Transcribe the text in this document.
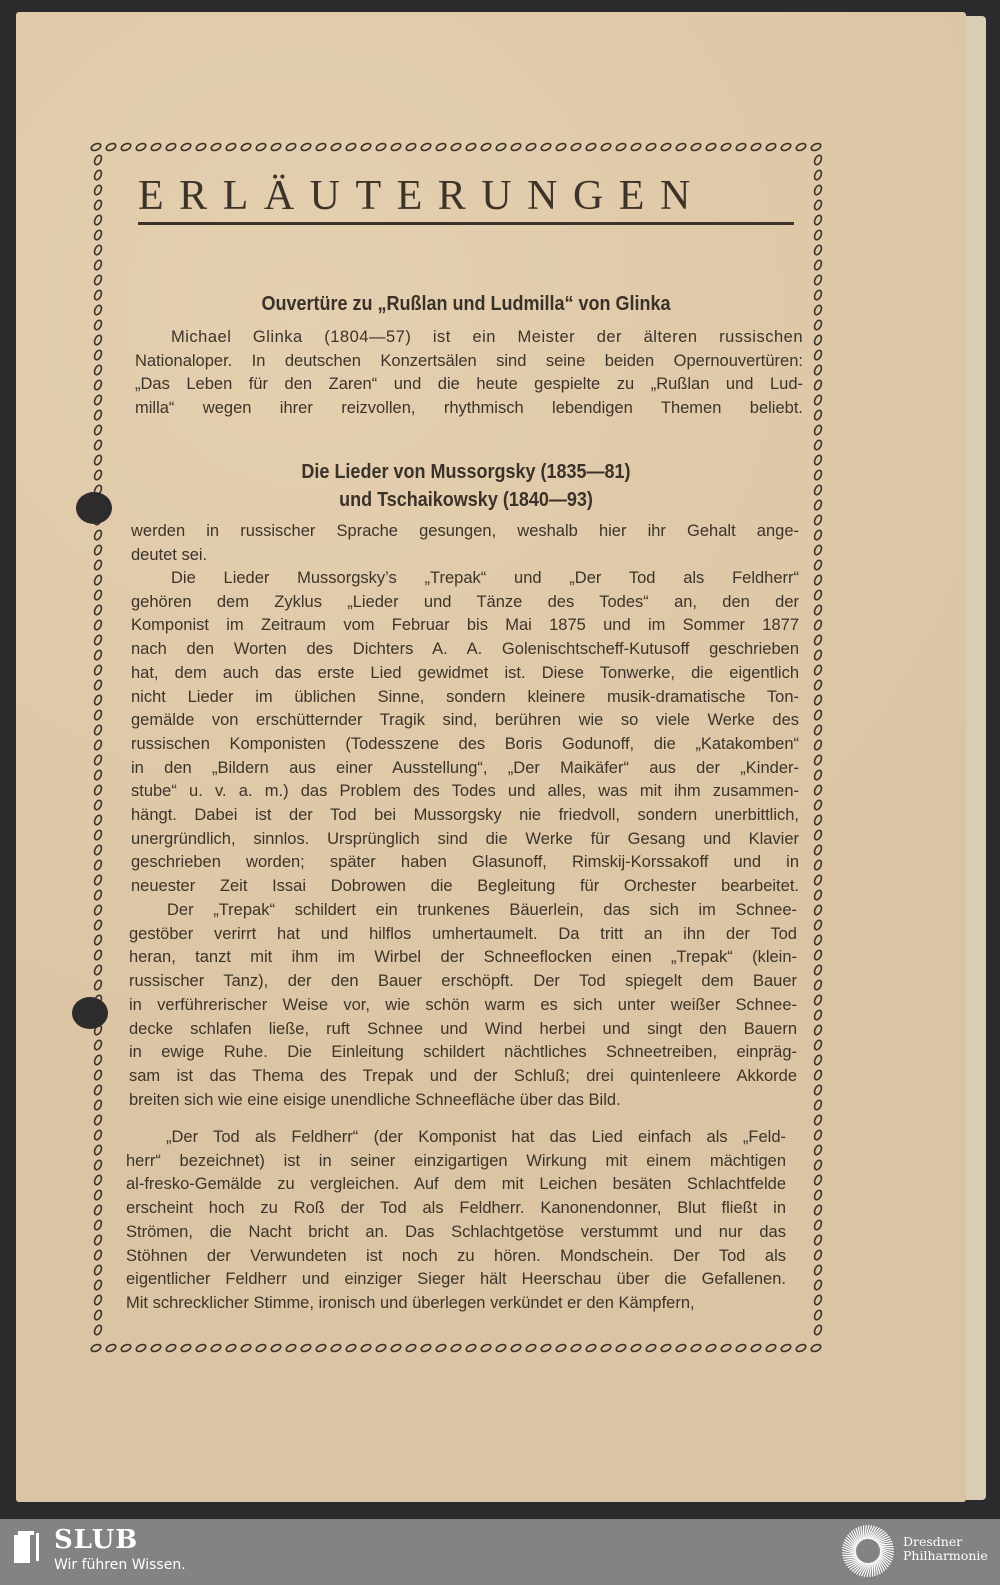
ERLÄUTERUNGEN
Ouvertüre zu „Rußlan und Ludmilla“ von Glinka
Michael Glinka (1804—57) ist ein Meister der älteren russischen
Nationaloper. In deutschen Konzertsälen sind seine beiden Opernouvertüren:
„Das Leben für den Zaren“ und die heute gespielte zu „Rußlan und Lud-
milla“ wegen ihrer reizvollen, rhythmisch lebendigen Themen beliebt.
Die Lieder von Mussorgsky (1835—81)
und Tschaikowsky (1840—93)
werden in russischer Sprache gesungen, weshalb hier ihr Gehalt ange-
deutet sei.
Die Lieder Mussorgsky’s „Trepak“ und „Der Tod als Feldherr“
gehören dem Zyklus „Lieder und Tänze des Todes“ an, den der
Komponist im Zeitraum vom Februar bis Mai 1875 und im Sommer 1877
nach den Worten des Dichters A. A. Golenischtscheff-Kutusoff geschrieben
hat, dem auch das erste Lied gewidmet ist. Diese Tonwerke, die eigentlich
nicht Lieder im üblichen Sinne, sondern kleinere musik-dramatische Ton-
gemälde von erschütternder Tragik sind, berühren wie so viele Werke des
russischen Komponisten (Todesszene des Boris Godunoff, die „Katakomben“
in den „Bildern aus einer Ausstellung“, „Der Maikäfer“ aus der „Kinder-
stube“ u. v. a. m.) das Problem des Todes und alles, was mit ihm zusammen-
hängt. Dabei ist der Tod bei Mussorgsky nie friedvoll, sondern unerbittlich,
unergründlich, sinnlos. Ursprünglich sind die Werke für Gesang und Klavier
geschrieben worden; später haben Glasunoff, Rimskij-Korssakoff und in
neuester Zeit Issai Dobrowen die Begleitung für Orchester bearbeitet.
Der „Trepak“ schildert ein trunkenes Bäuerlein, das sich im Schnee-
gestöber verirrt hat und hilflos umhertaumelt. Da tritt an ihn der Tod
heran, tanzt mit ihm im Wirbel der Schneeflocken einen „Trepak“ (klein-
russischer Tanz), der den Bauer erschöpft. Der Tod spiegelt dem Bauer
in verführerischer Weise vor, wie schön warm es sich unter weißer Schnee-
decke schlafen ließe, ruft Schnee und Wind herbei und singt den Bauern
in ewige Ruhe. Die Einleitung schildert nächtliches Schneetreiben, einpräg-
sam ist das Thema des Trepak und der Schluß; drei quintenleere Akkorde
breiten sich wie eine eisige unendliche Schneefläche über das Bild.
„Der Tod als Feldherr“ (der Komponist hat das Lied einfach als „Feld-
herr“ bezeichnet) ist in seiner einzigartigen Wirkung mit einem mächtigen
al-fresko-Gemälde zu vergleichen. Auf dem mit Leichen besäten Schlachtfelde
erscheint hoch zu Roß der Tod als Feldherr. Kanonendonner, Blut fließt in
Strömen, die Nacht bricht an. Das Schlachtgetöse verstummt und nur das
Stöhnen der Verwundeten ist noch zu hören. Mondschein. Der Tod als
eigentlicher Feldherr und einziger Sieger hält Heerschau über die Gefallenen.
Mit schrecklicher Stimme, ironisch und überlegen verkündet er den Kämpfern,
SLUB
Wir führen Wissen.
Dresdner
Philharmonie
